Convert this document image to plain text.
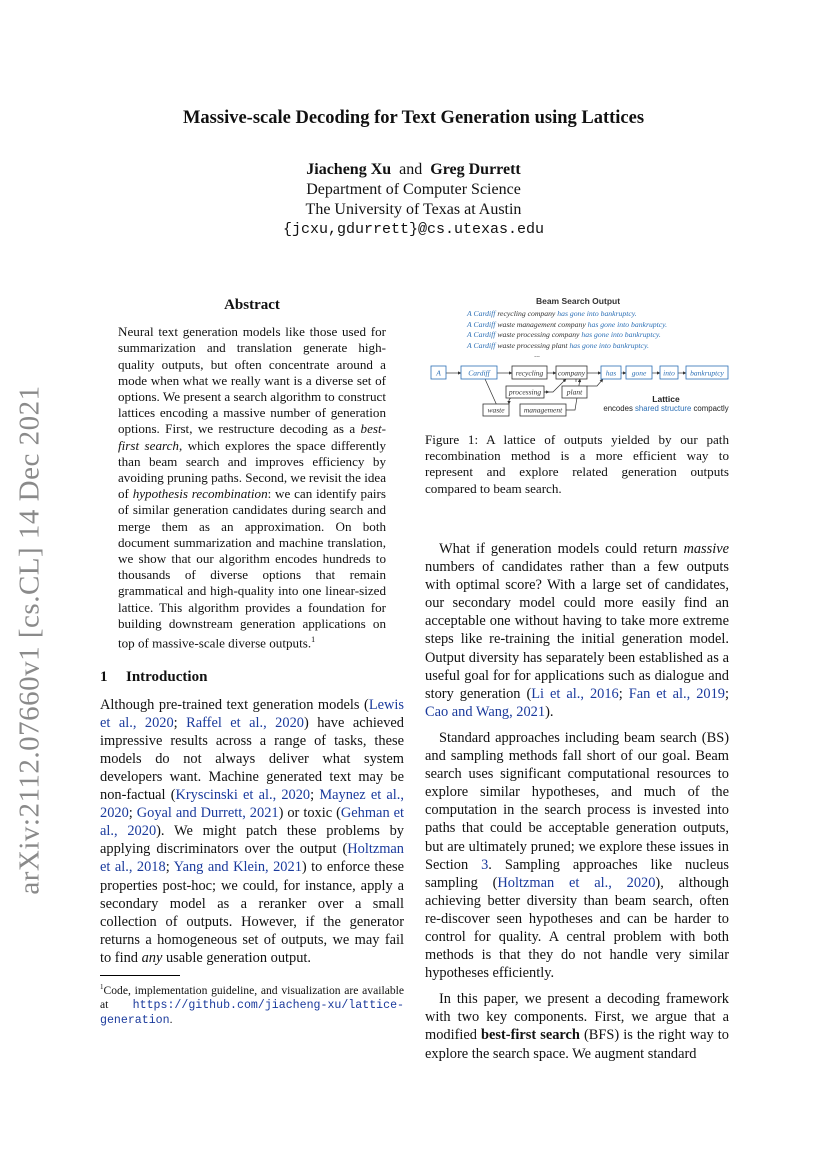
arXiv:2112.07660v1 [cs.CL] 14 Dec 2021
Massive-scale Decoding for Text Generation using Lattices
Jiacheng Xu and Greg Durrett
Department of Computer Science
The University of Texas at Austin
{jcxu,gdurrett}@cs.utexas.edu
Abstract
Neural text generation models like those used for summarization and translation generate high-quality outputs, but often concentrate around a mode when what we really want is a diverse set of options. We present a search algorithm to construct lattices encoding a massive number of generation options. First, we restructure decoding as a best-first search, which explores the space differently than beam search and improves efficiency by avoiding pruning paths. Second, we revisit the idea of hypothesis recombination: we can identify pairs of similar generation candidates during search and merge them as an approximation. On both document summarization and machine translation, we show that our algorithm encodes hundreds to thousands of diverse options that remain grammatical and high-quality into one linear-sized lattice. This algorithm provides a foundation for building downstream generation applications on top of massive-scale diverse outputs.$^1$
1 Introduction

Although pre-trained text generation models (Lewis et al., 2020; Raffel et al., 2020) have achieved impressive results across a range of tasks, these models do not always deliver what system developers want. Machine generated text may be non-factual (Kryscinski et al., 2020; Maynez et al., 2020; Goyal and Durrett, 2021) or toxic (Gehman et al., 2020). We might patch these problems by applying discriminators over the output (Holtzman et al., 2018; Yang and Klein, 2021) to enforce these properties post-hoc; we could, for instance, apply a secondary model as a reranker over a small collection of outputs. However, if the generator returns a homogeneous set of outputs, we may fail to find any usable generation output.

$^1$Code, implementation guideline, and visualization are available at https://github.com/jiacheng-xu/lattice-generation.
Beam Search Output
A Cardiff recycling company has gone into bankruptcy.
A Cardiff waste management company has gone into bankruptcy.
A Cardiff waste processing company has gone into bankruptcy.
A Cardiff waste processing plant has gone into bankruptcy.
...
A	Cardiff	recycling company	has gone into bankruptcy
processing	plant
waste	management
Lattice
encodes shared structure compactly
Figure 1: A lattice of outputs yielded by our path recombination method is a more efficient way to represent and explore related generation outputs compared to beam search.

What if generation models could return massive numbers of candidates rather than a few outputs with optimal score? With a large set of candidates, our secondary model could more easily find an acceptable one without having to take more extreme steps like re-training the initial generation model. Output diversity has separately been established as a useful goal for for applications such as dialogue and story generation (Li et al., 2016; Fan et al., 2019; Cao and Wang, 2021).

Standard approaches including beam search (BS) and sampling methods fall short of our goal. Beam search uses significant computational resources to explore similar hypotheses, and much of the computation in the search process is invested into paths that could be acceptable generation outputs, but are ultimately pruned; we explore these issues in Section 3. Sampling approaches like nucleus sampling (Holtzman et al., 2020), although achieving better diversity than beam search, often re-discover seen hypotheses and can be harder to control for quality. A central problem with both methods is that they do not handle very similar hypotheses efficiently.

In this paper, we present a decoding framework with two key components. First, we argue that a modified best-first search (BFS) is the right way to explore the search space. We augment standard
